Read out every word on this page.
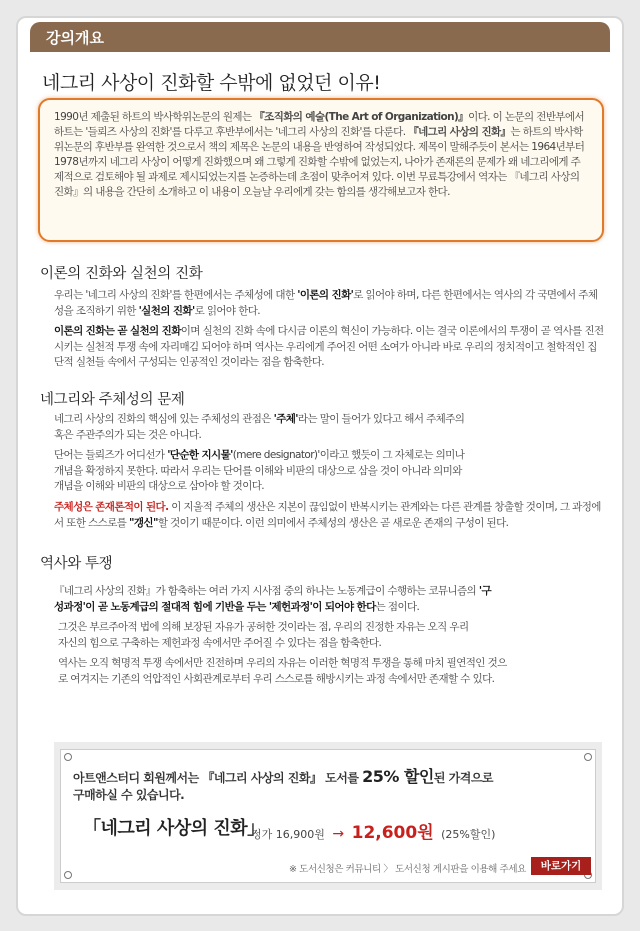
강의개요
네그리 사상이 진화할 수밖에 없었던 이유!

1990년 제출된 하트의 박사학위논문의 원제는 『조직화의 예술(The Art of Organization)』이다. 이 논문의 전반부에서 하트는 '들뢰즈 사상의 진화'를 다루고 후반부에서는 '네그리 사상의 진화'를 다룬다. 『네그리 사상의 진화』는 하트의 박사학위논문의 후반부를 완역한 것으로서 책의 제목은 논문의 내용을 반영하여 작성되었다. 제목이 말해주듯이 본서는 1964년부터 1978년까지 네그리 사상이 어떻게 진화했으며 왜 그렇게 진화할 수밖에 없었는지, 나아가 존재론의 문제가 왜 네그리에게 주제적으로 검토해야 될 과제로 제시되었는지를 논증하는데 초점이 맞추어져 있다. 이번 무료특강에서 역자는 『네그리 사상의 진화』의 내용을 간단히 소개하고 이 내용이 오늘날 우리에게 갖는 함의를 생각해보고자 한다.

이론의 진화와 실천의 진화

우리는 '네그리 사상의 진화'를 한편에서는 주체성에 대한 '이론의 진화'로 읽어야 하며, 다른 한편에서는 역사의 각 국면에서 주체성을 조직하기 위한 '실천의 진화'로 읽어야 한다.

이론의 진화는 곧 실천의 진화이며 실천의 진화 속에 다시금 이론의 혁신이 가능하다. 이는 결국 이론에서의 투쟁이 곧 역사를 진전시키는 실천적 투쟁 속에 자리매김 되어야 하며 역사는 우리에게 주어진 어떤 소여가 아니라 바로 우리의 정치적이고 철학적인 집단적 실천들 속에서 구성되는 인공적인 것이라는 점을 함축한다.

네그리와 주체성의 문제

네그리 사상의 진화의 핵심에 있는 주체성의 관점은 '주체'라는 말이 들어가 있다고 해서 주체주의 혹은 주관주의가 되는 것은 아니다.

단어는 들뢰즈가 어디선가 '단순한 지시물'(mere designator)'이라고 했듯이 그 자체로는 의미나 개념을 확정하지 못한다. 따라서 우리는 단어를 이해와 비판의 대상으로 삼을 것이 아니라 의미와 개념을 이해와 비판의 대상으로 삼아야 할 것이다.

주체성은 존재론적이 된다. 이 지울적 주체의 생산은 지본이 끊임없이 반복시키는 관계와는 다른 관계를 창출할 것이며, 그 과정에서 또한 스스로를 "갱신"할 것이기 때문이다. 이런 의미에서 주체성의 생산은 곧 새로운 존재의 구성이 된다.

역사와 투쟁

『네그리 사상의 진화』가 함축하는 여러 가지 시사점 중의 하나는 노동계급이 수행하는 코뮤니즘의 '구성과정'이 곧 노동계급의 절대적 힘에 기반을 두는 '제헌과정'이 되어야 한다는 점이다.

그것은 부르주아적 법에 의해 보장된 자유가 공허한 것이라는 점, 우리의 진정한 자유는 오직 우리 자신의 힘으로 구축하는 제헌과정 속에서만 주어질 수 있다는 점을 함축한다.

역사는 오직 혁명적 투쟁 속에서만 진전하며 우리의 자유는 이러한 혁명적 투쟁을 통해 마치 필연적인 것으로 여겨지는 기존의 억압적인 사회관계로부터 우리 스스로를 해방시키는 과정 속에서만 존재할 수 있다.

아트앤스터디 회원께서는 『네그리 사상의 진화』 도서를 25% 할인된 가격으로
구매하실 수 있습니다.
「네그리 사상의 진화」
정가 16,900원 → 12,600원 (25%할인)
※ 도서신청은 커뮤니티 〉 도서신청 게시판을 이용해 주세요	바로가기
